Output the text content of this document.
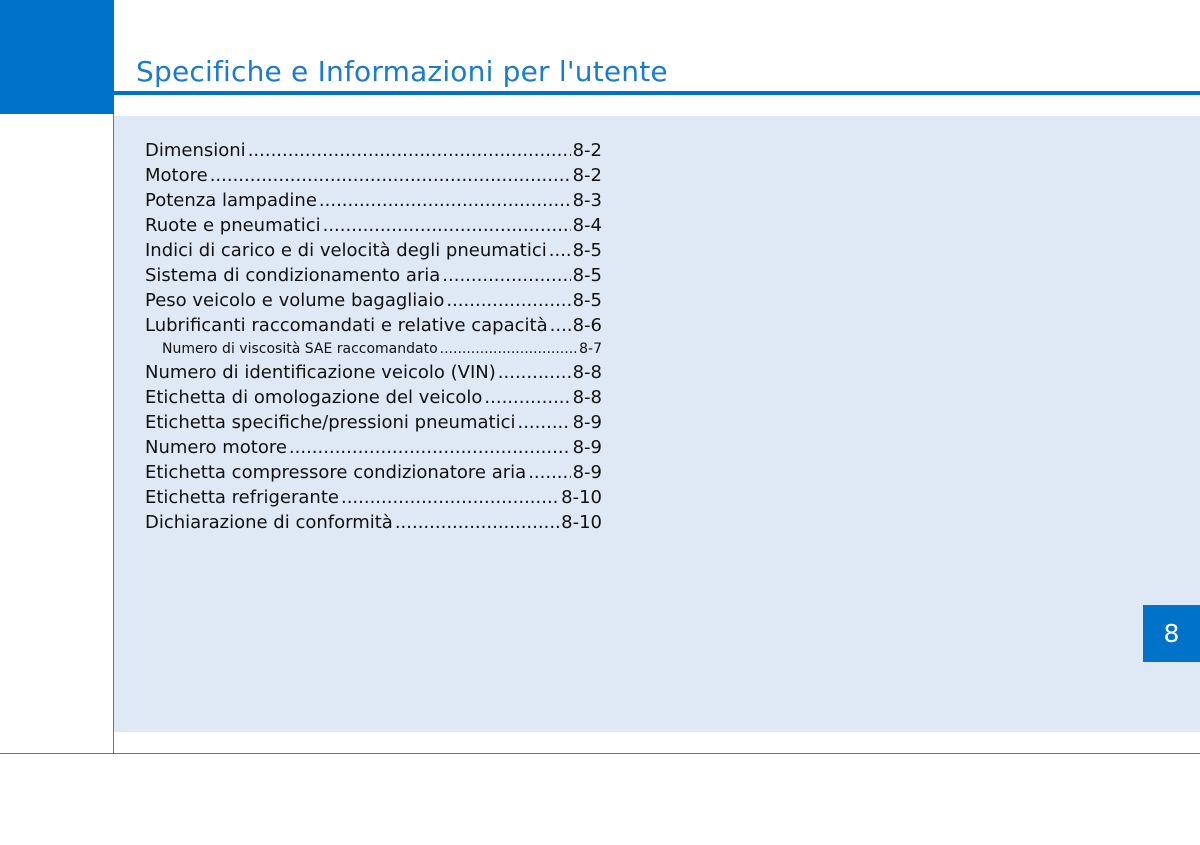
Specifiche e Informazioni per l'utente
Dimensioni .....	8-2
Motore .....	8-2
Potenza lampadine .....	8-3
Ruote e pneumatici .....	8-4
Indici di carico e di velocità degli pneumatici ..... 8-5
Sistema di condizionamento aria .....	8-5
Peso veicolo e volume bagagliaio .....	8-5
Lubrificanti raccomandati e relative capacità ..... 8-6
Numero di viscosità SAE raccomandato .....	8-7
Numero di identificazione veicolo (VIN) .....	8-8
Etichetta di omologazione del veicolo .....	8-8
Etichetta specifiche/pressioni pneumatici .....	8-9
Numero motore .....	8-9
Etichetta compressore condizionatore aria .....	8-9
Etichetta refrigerante .....	8-10
Dichiarazione di conformità .....	8-10
8
